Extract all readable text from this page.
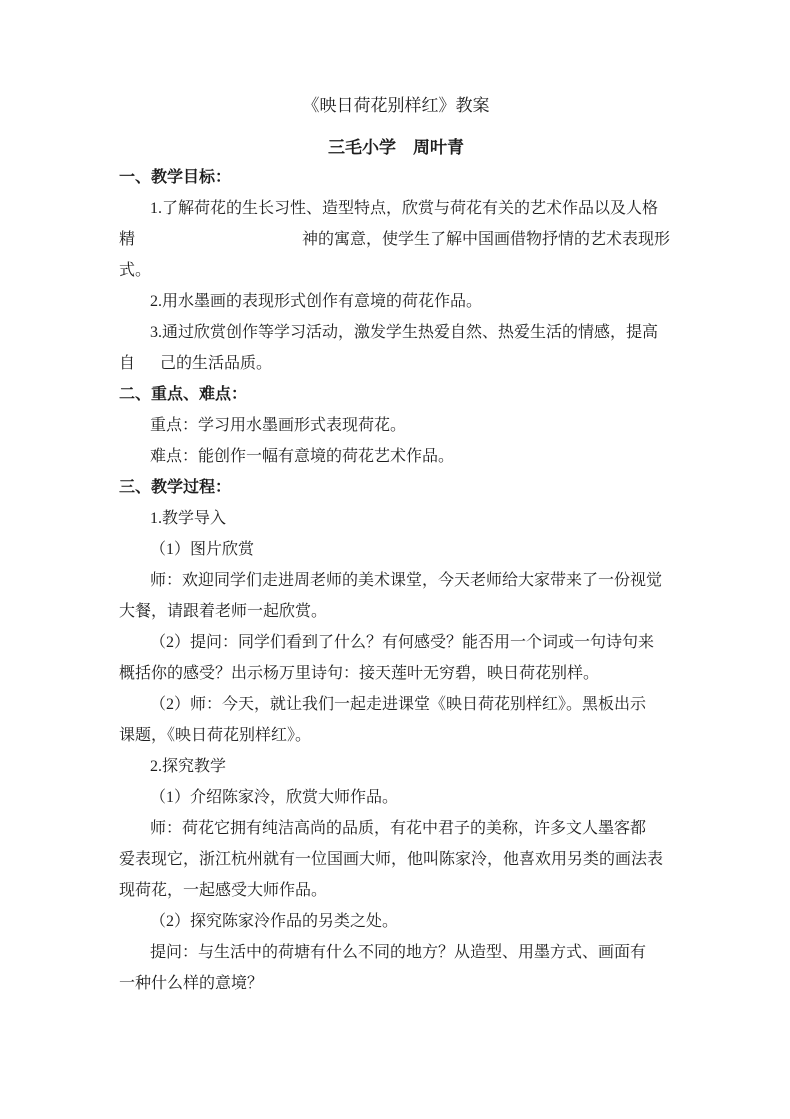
《映日荷花别样红》教案
三毛小学　周叶青
一、教学目标：
1.了解荷花的生长习性、造型特点，欣赏与荷花有关的艺术作品以及人格
精	神的寓意，使学生了解中国画借物抒情的艺术表现形
式。
2.用水墨画的表现形式创作有意境的荷花作品。
3.通过欣赏创作等学习活动，激发学生热爱自然、热爱生活的情感，提高
自 己的生活品质。
二、重点、难点：
重点：学习用水墨画形式表现荷花。
难点：能创作一幅有意境的荷花艺术作品。
三、教学过程：
1.教学导入
（1）图片欣赏
师：欢迎同学们走进周老师的美术课堂，今天老师给大家带来了一份视觉
大餐，请跟着老师一起欣赏。
（2）提问：同学们看到了什么？有何感受？能否用一个词或一句诗句来
概括你的感受？出示杨万里诗句：接天莲叶无穷碧，映日荷花别样。
（2）师：今天，就让我们一起走进课堂《映日荷花别样红》。黑板出示
课题，《映日荷花别样红》。
2.探究教学
（1）介绍陈家泠，欣赏大师作品。
师：荷花它拥有纯洁高尚的品质，有花中君子的美称，许多文人墨客都
爱表现它，浙江杭州就有一位国画大师，他叫陈家泠，他喜欢用另类的画法表
现荷花，一起感受大师作品。
（2）探究陈家泠作品的另类之处。
提问：与生活中的荷塘有什么不同的地方？从造型、用墨方式、画面有
一种什么样的意境？
